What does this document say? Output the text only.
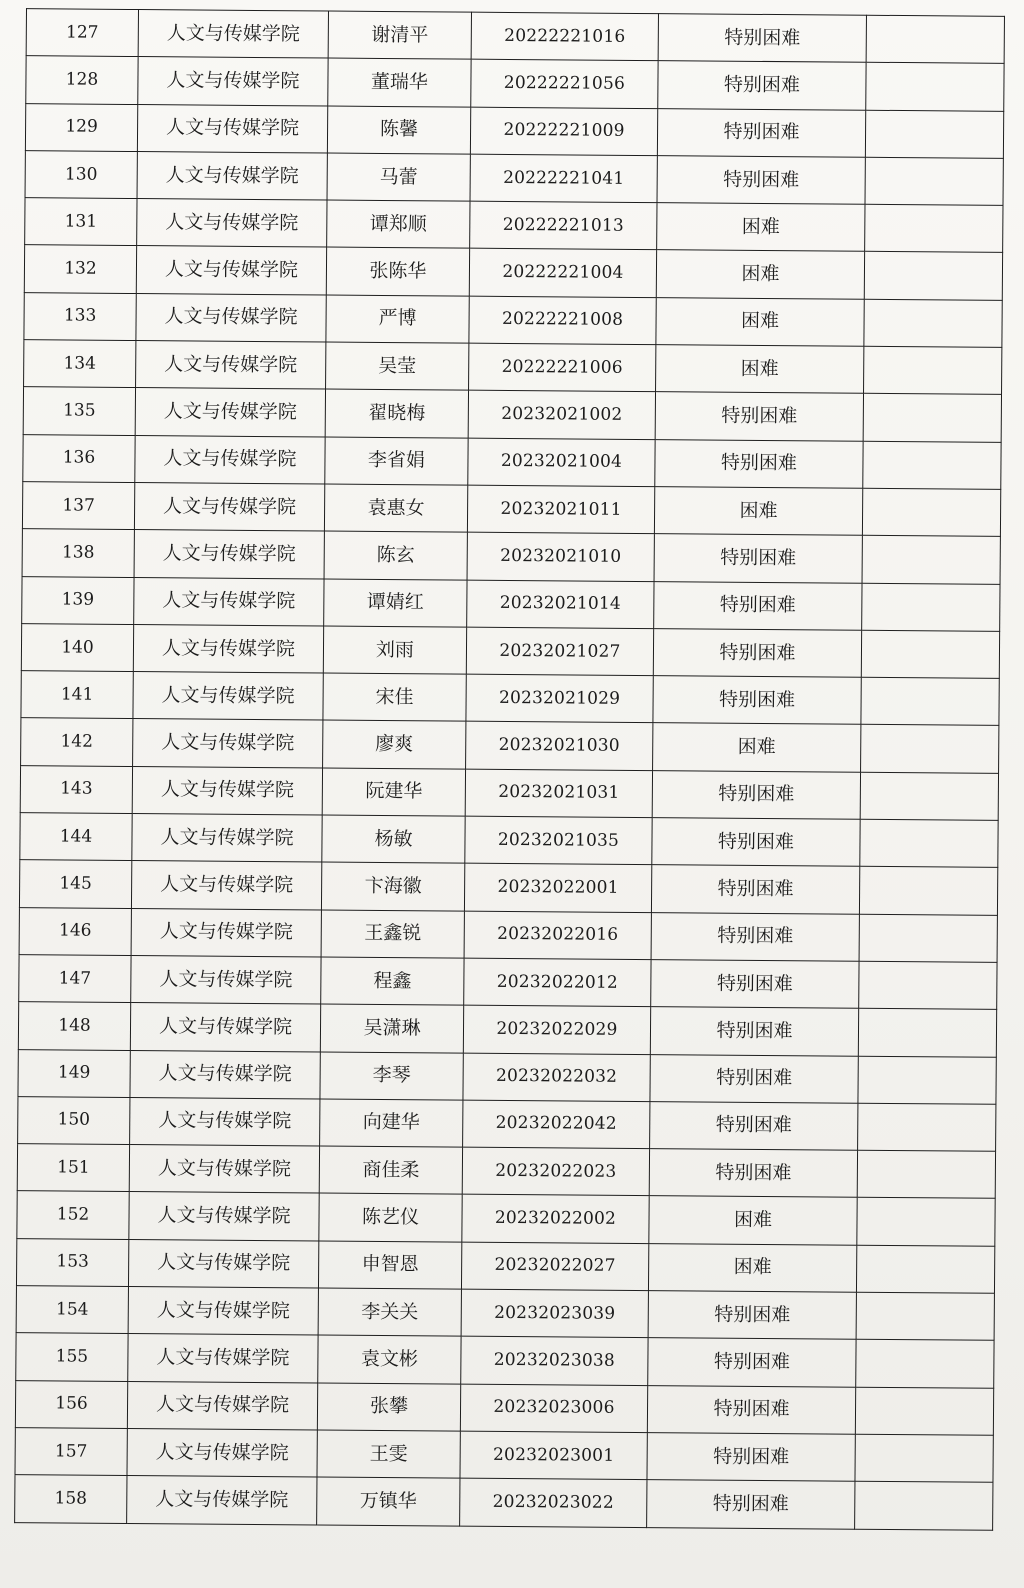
127	人文与传媒学院	谢清平	20222221016	特别困难	
128	人文与传媒学院	董瑞华	20222221056	特别困难	
129	人文与传媒学院	陈馨	20222221009	特别困难	
130	人文与传媒学院	马蕾	20222221041	特别困难	
131	人文与传媒学院	谭郑顺	20222221013	困难	
132	人文与传媒学院	张陈华	20222221004	困难	
133	人文与传媒学院	严博	20222221008	困难	
134	人文与传媒学院	吴莹	20222221006	困难	
135	人文与传媒学院	翟晓梅	20232021002	特别困难	
136	人文与传媒学院	李省娟	20232021004	特别困难	
137	人文与传媒学院	袁惠女	20232021011	困难	
138	人文与传媒学院	陈玄	20232021010	特别困难	
139	人文与传媒学院	谭婧红	20232021014	特别困难	
140	人文与传媒学院	刘雨	20232021027	特别困难	
141	人文与传媒学院	宋佳	20232021029	特别困难	
142	人文与传媒学院	廖爽	20232021030	困难	
143	人文与传媒学院	阮建华	20232021031	特别困难	
144	人文与传媒学院	杨敏	20232021035	特别困难	
145	人文与传媒学院	卞海徽	20232022001	特别困难	
146	人文与传媒学院	王鑫锐	20232022016	特别困难	
147	人文与传媒学院	程鑫	20232022012	特别困难	
148	人文与传媒学院	吴潇琳	20232022029	特别困难	
149	人文与传媒学院	李琴	20232022032	特别困难	
150	人文与传媒学院	向建华	20232022042	特别困难	
151	人文与传媒学院	商佳柔	20232022023	特别困难	
152	人文与传媒学院	陈艺仪	20232022002	困难	
153	人文与传媒学院	申智恩	20232022027	困难	
154	人文与传媒学院	李关关	20232023039	特别困难	
155	人文与传媒学院	袁文彬	20232023038	特别困难	
156	人文与传媒学院	张攀	20232023006	特别困难	
157	人文与传媒学院	王雯	20232023001	特别困难	
158	人文与传媒学院	万镇华	20232023022	特别困难	
